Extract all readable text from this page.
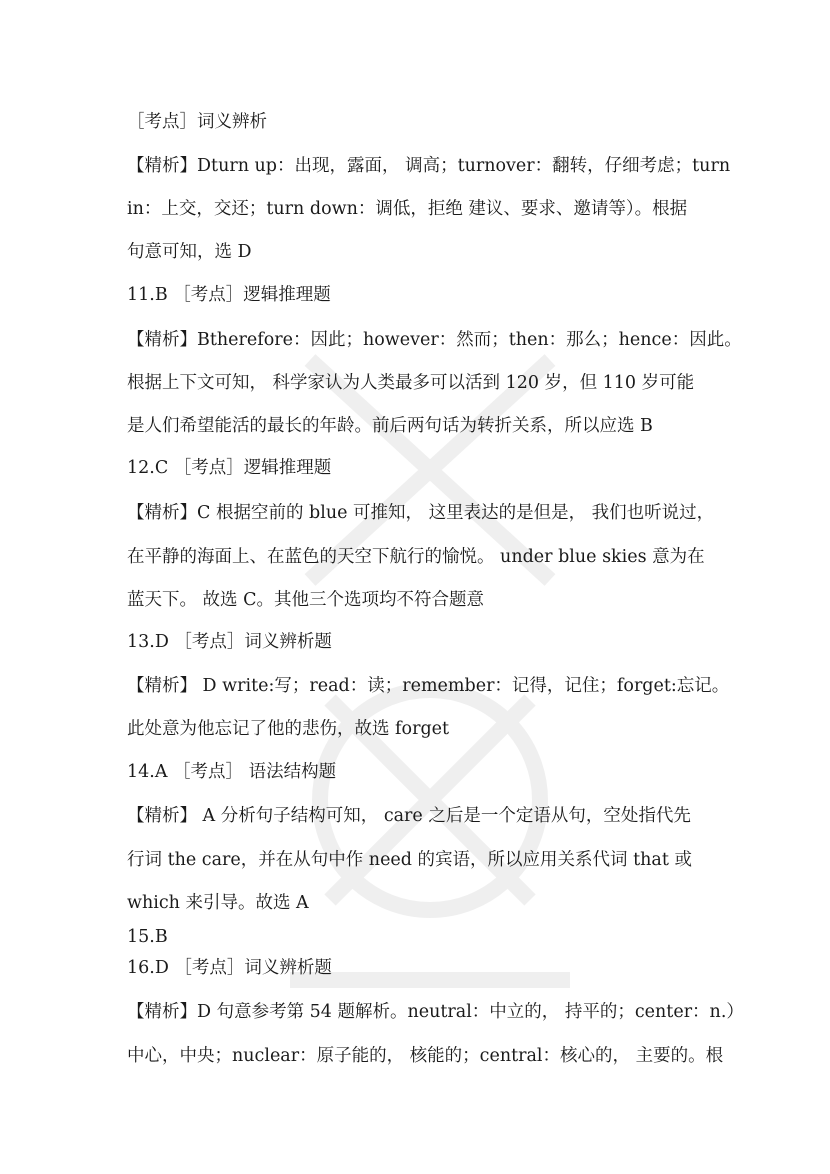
［考点］词义辨析
【精析】Dturn up：出现，露面， 调高；turnover：翻转，仔细考虑；turn
in：上交，交还；turn down：调低，拒绝 建议、要求、邀请等）。根据
句意可知，选 D
11.B ［考点］逻辑推理题
【精析】Btherefore：因此；however：然而；then：那么；hence：因此。
根据上下文可知， 科学家认为人类最多可以活到 120 岁，但 110 岁可能
是人们希望能活的最长的年龄。前后两句话为转折关系，所以应选 B
12.C ［考点］逻辑推理题
【精析】C 根据空前的 blue 可推知， 这里表达的是但是， 我们也听说过，
在平静的海面上、在蓝色的天空下航行的愉悦。 under blue skies 意为在
蓝天下。 故选 C。其他三个选项均不符合题意
13.D ［考点］词义辨析题
【精析】 D write:写；read：读；remember：记得，记住；forget:忘记。
此处意为他忘记了他的悲伤，故选 forget
14.A ［考点］ 语法结构题
【精析】 A 分析句子结构可知， care 之后是一个定语从句，空处指代先
行词 the care，并在从句中作 need 的宾语，所以应用关系代词 that 或
which 来引导。故选 A
15.B
16.D ［考点］词义辨析题
【精析】D 句意参考第 54 题解析。neutral：中立的， 持平的；center：n.）
中心，中央；nuclear：原子能的， 核能的；central：核心的， 主要的。根
